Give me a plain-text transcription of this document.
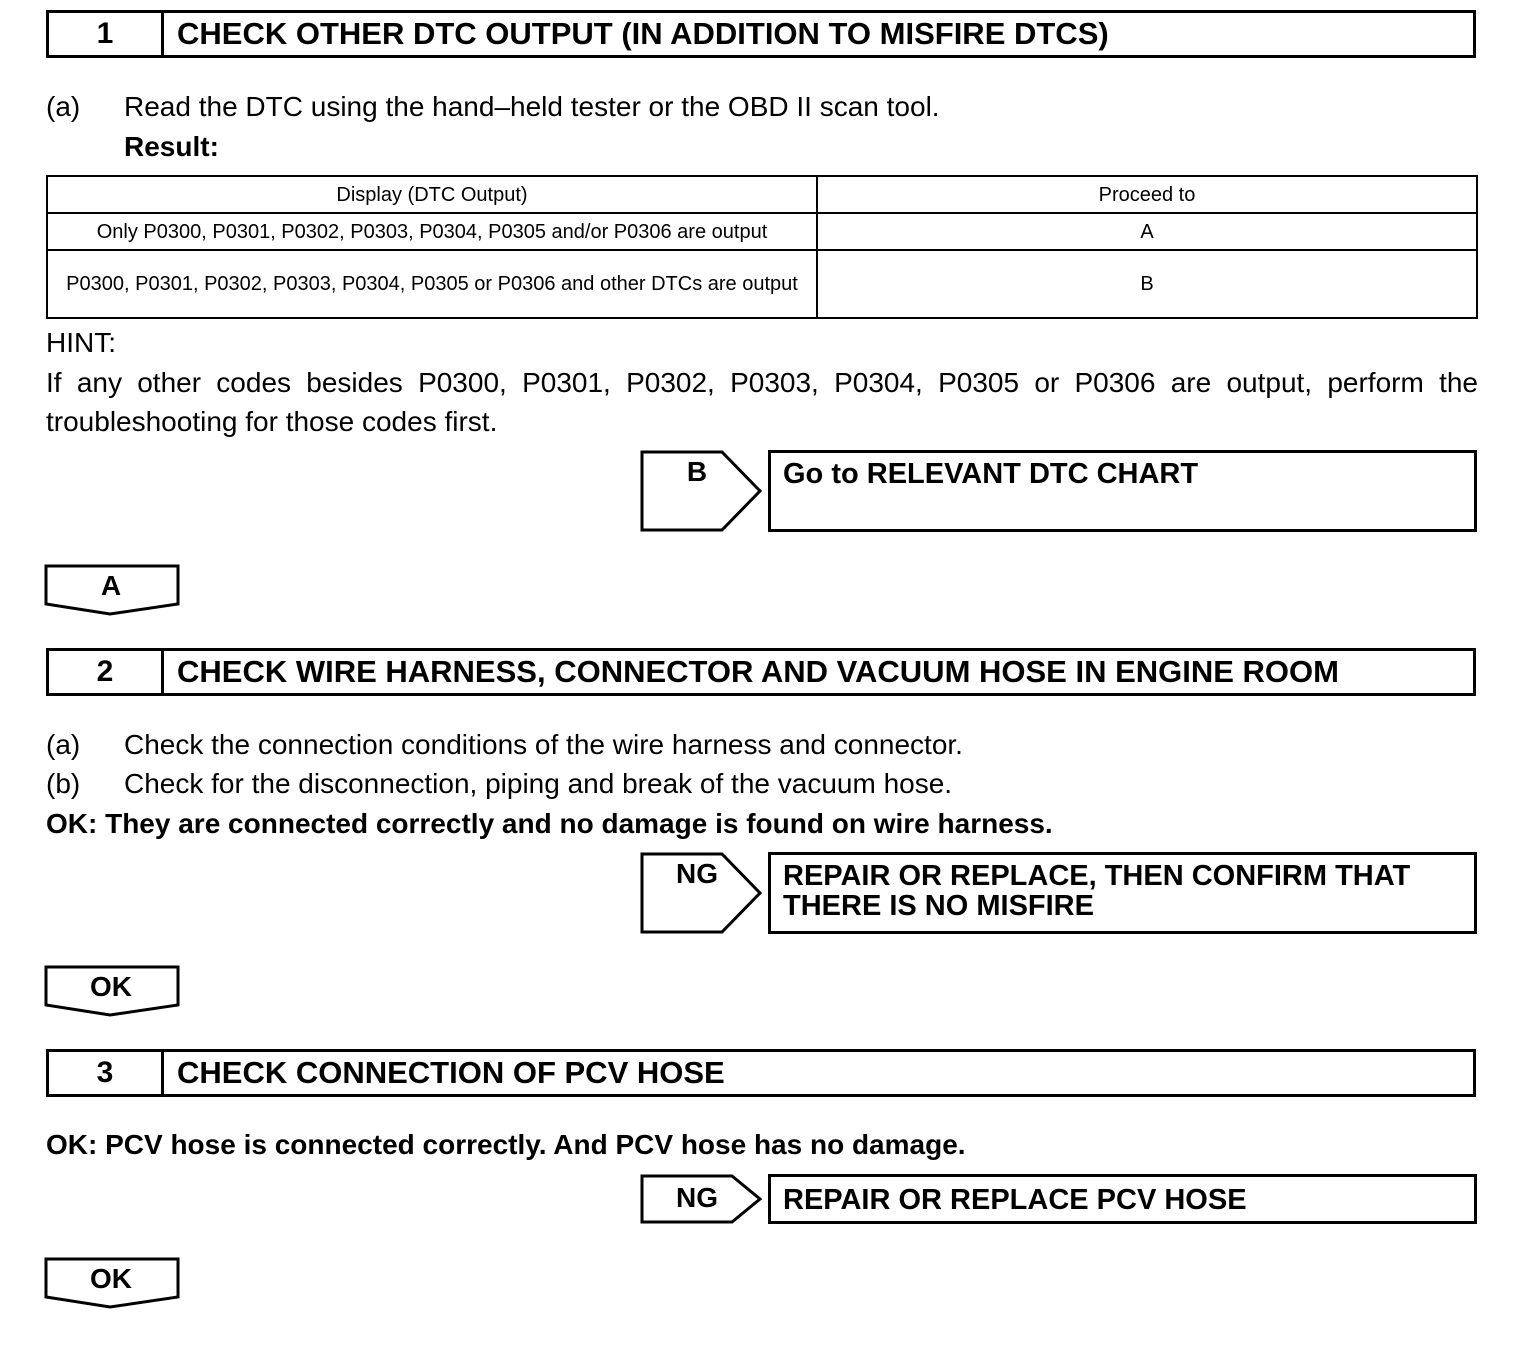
1	CHECK OTHER DTC OUTPUT (IN ADDITION TO MISFIRE DTCS)
(a) Read the DTC using the hand–held tester or the OBD II scan tool.
Result:
Display (DTC Output)	Proceed to
Only P0300, P0301, P0302, P0303, P0304, P0305 and/or P0306 are output	A
P0300, P0301, P0302, P0303, P0304, P0305 or P0306 and other DTCs are output	B
HINT:
If any other codes besides P0300, P0301, P0302, P0303, P0304, P0305 or P0306 are output, perform the
troubleshooting for those codes first.
B	Go to RELEVANT DTC CHART
A
2	CHECK WIRE HARNESS, CONNECTOR AND VACUUM HOSE IN ENGINE ROOM
(a) Check the connection conditions of the wire harness and connector.
(b) Check for the disconnection, piping and break of the vacuum hose.
OK: They are connected correctly and no damage is found on wire harness.
NG	REPAIR OR REPLACE, THEN CONFIRM THAT
THERE IS NO MISFIRE
OK
3	CHECK CONNECTION OF PCV HOSE
OK: PCV hose is connected correctly. And PCV hose has no damage.
NG	REPAIR OR REPLACE PCV HOSE
OK
